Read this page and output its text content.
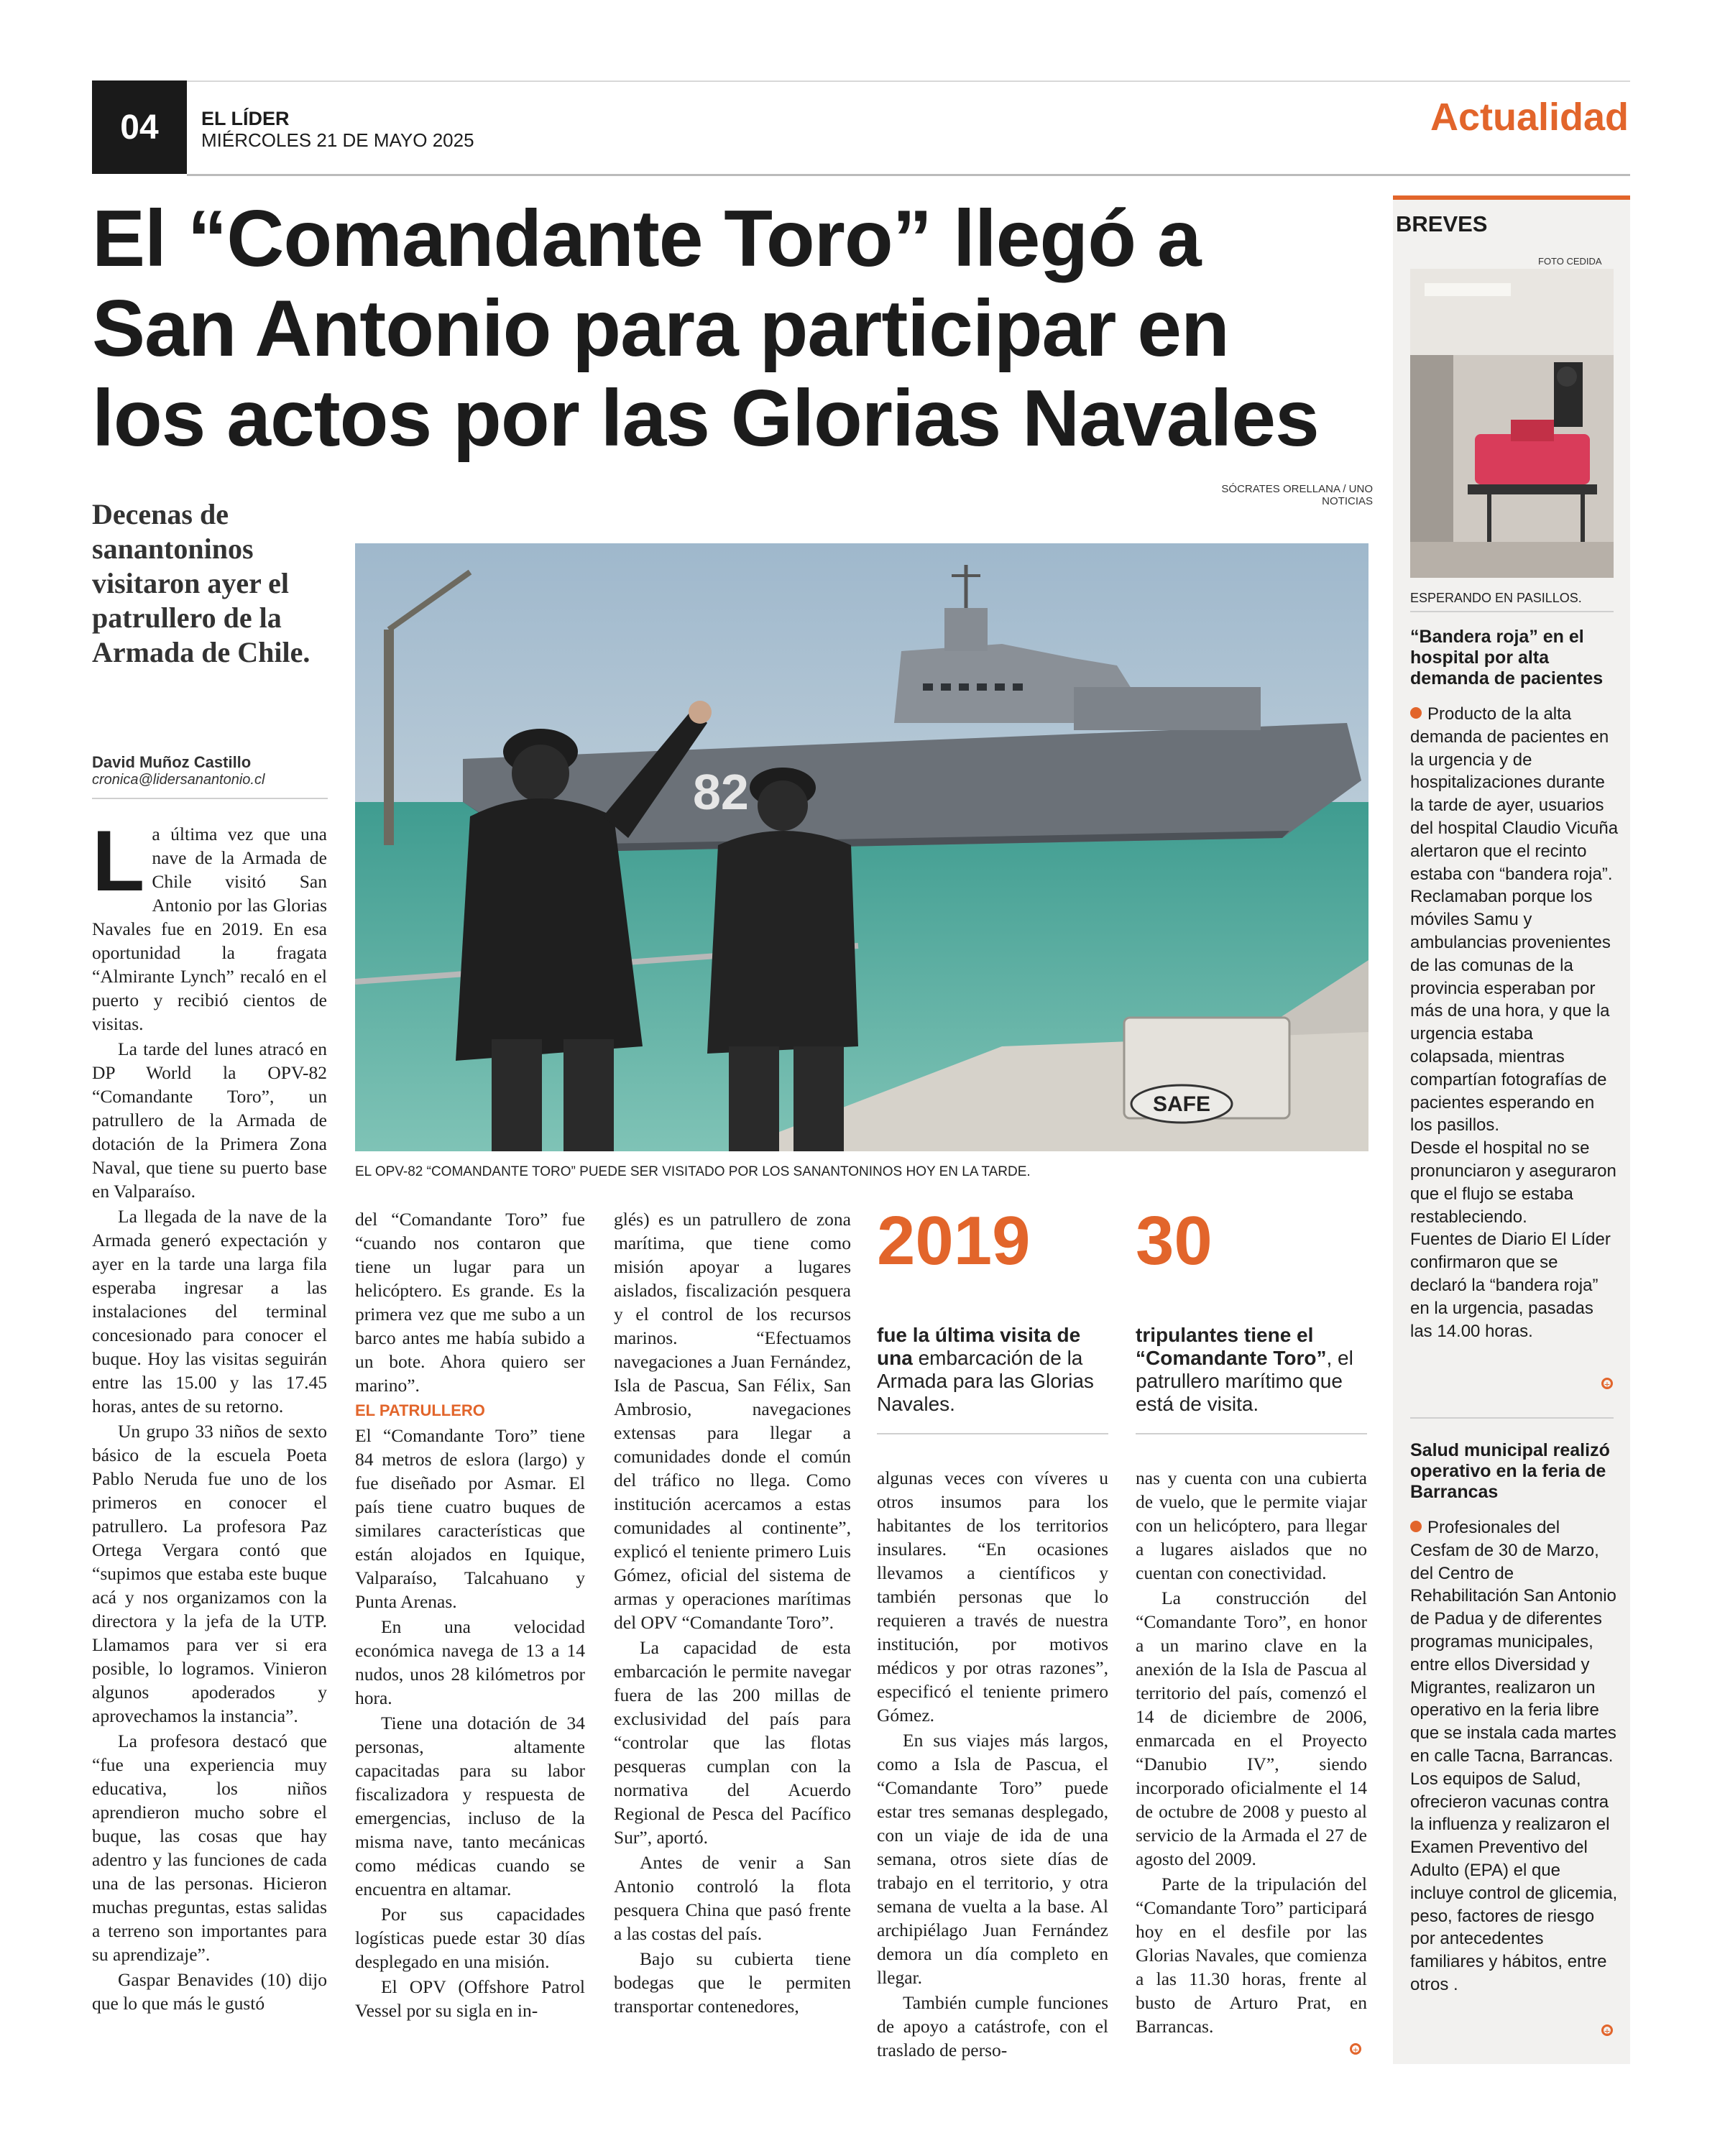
04	EL LÍDER
MIÉRCOLES 21 DE MAYO 2025
Actualidad
El “Comandante Toro” llegó a San Antonio para participar en los actos por las Glorias Navales
SÓCRATES ORELLANA / UNO NOTICIAS
Decenas de sanantoninos visitaron ayer el patrullero de la Armada de Chile.
David Muñoz Castillo
cronica@lidersanantonio.cl	82
SAFE
EL OPV-82 “COMANDANTE TORO” PUEDE SER VISITADO POR LOS SANANTONINOS HOY EN LA TARDE.

La última vez que una nave de la Armada de Chile visitó San Antonio por las Glorias Navales fue en 2019. En esa oportunidad la fragata “Almirante Lynch” recaló en el puerto y recibió cientos de visitas.

La tarde del lunes atracó en DP World la OPV-82 “Comandante Toro”, un patrullero de la Armada de dotación de la Primera Zona Naval, que tiene su puerto base en Valparaíso.

La llegada de la nave de la Armada generó expectación y ayer en la tarde una larga fila esperaba ingresar a las instalaciones del terminal concesionado para conocer el buque. Hoy las visitas seguirán entre las 15.00 y las 17.45 horas, antes de su retorno.

Un grupo 33 niños de sexto básico de la escuela Poeta Pablo Neruda fue uno de los primeros en conocer el patrullero. La profesora Paz Ortega Vergara contó que “supimos que estaba este buque acá y nos organizamos con la directora y la jefa de la UTP. Llamamos para ver si era posible, lo logramos. Vinieron algunos apoderados y aprovechamos la instancia”.

La profesora destacó que “fue una experiencia muy educativa, los niños aprendieron mucho sobre el buque, las cosas que hay adentro y las funciones de cada una de las personas. Hicieron muchas preguntas, estas salidas a terreno son importantes para su aprendizaje”.

Gaspar Benavides (10) dijo que lo que más le gustó

del “Comandante Toro” fue “cuando nos contaron que tiene un lugar para un helicóptero. Es grande. Es la primera vez que me subo a un barco antes me había subido a un bote. Ahora quiero ser marino”.

EL PATRULLERO

El “Comandante Toro” tiene 84 metros de eslora (largo) y fue diseñado por Asmar. El país tiene cuatro buques de similares características que están alojados en Iquique, Valparaíso, Talcahuano y Punta Arenas.

En una velocidad económica navega de 13 a 14 nudos, unos 28 kilómetros por hora.

Tiene una dotación de 34 personas, altamente capacitadas para su labor fiscalizadora y respuesta de emergencias, incluso de la misma nave, tanto mecánicas como médicas cuando se encuentra en altamar.

Por sus capacidades logísticas puede estar 30 días desplegado en una misión.

El OPV (Offshore Patrol Vessel por su sigla en in-

glés) es un patrullero de zona marítima, que tiene como misión apoyar a lugares aislados, fiscalización pesquera y el control de los recursos marinos. “Efectuamos navegaciones a Juan Fernández, Isla de Pascua, San Félix, San Ambrosio, navegaciones extensas para llegar a comunidades donde el común del tráfico no llega. Como institución acercamos a estas comunidades al continente”, explicó el teniente primero Luis Gómez, oficial del sistema de armas y operaciones marítimas del OPV “Comandante Toro”.

La capacidad de esta embarcación le permite navegar fuera de las 200 millas de exclusividad del país para “controlar que las flotas pesqueras cumplan con la normativa del Acuerdo Regional de Pesca del Pacífico Sur”, aportó.

Antes de venir a San Antonio controló la flota pesquera China que pasó frente a las costas del país.

Bajo su cubierta tiene bodegas que le permiten transportar contenedores,

2019
fue la última visita de una embarcación de la Armada para las Glorias Navales.
30
tripulantes tiene el “Comandante Toro”, el patrullero marítimo que está de visita.

algunas veces con víveres u otros insumos para los habitantes de los territorios insulares. “En ocasiones llevamos a científicos y también personas que lo requieren a través de nuestra institución, por motivos médicos y por otras razones”, especificó el teniente primero Gómez.

En sus viajes más largos, como a Isla de Pascua, el “Comandante Toro” puede estar tres semanas desplegado, con un viaje de ida de una semana, otros siete días de trabajo en el territorio, y otra semana de vuelta a la base. Al archipiélago Juan Fernández demora un día completo en llegar.

También cumple funciones de apoyo a catástrofe, con el traslado de perso-

nas y cuenta con una cubierta de vuelo, que le permite viajar con un helicóptero, para llegar a lugares aislados que no cuentan con conectividad.

La construcción del “Comandante Toro”, en honor a un marino clave en la anexión de la Isla de Pascua al territorio del país, comenzó el 14 de diciembre de 2006, enmarcada en el Proyecto “Danubio IV”, siendo incorporado oficialmente el 14 de octubre de 2008 y puesto al servicio de la Armada el 27 de agosto del 2009.

Parte de la tripulación del “Comandante Toro” participará hoy en el desfile por las Glorias Navales, que comienza a las 11.30 horas, frente al busto de Arturo Prat, en Barrancas.

BREVES
FOTO CEDIDA
ESPERANDO EN PASILLOS.
“Bandera roja” en el hospital por alta demanda de pacientes

Producto de la alta demanda de pacientes en la urgencia y de hospitalizaciones durante la tarde de ayer, usuarios del hospital Claudio Vicuña alertaron que el recinto estaba con “bandera roja”.

Reclamaban porque los móviles Samu y ambulancias provenientes de las comunas de la provincia esperaban por más de una hora, y que la urgencia estaba colapsada, mientras compartían fotografías de pacientes esperando en los pasillos.

Desde el hospital no se pronunciaron y aseguraron que el flujo se estaba restableciendo.

Fuentes de Diario El Líder confirmaron que se declaró la “bandera roja” en la urgencia, pasadas las 14.00 horas.

+
Salud municipal realizó operativo en la feria de Barrancas

Profesionales del Cesfam de 30 de Marzo, del Centro de Rehabilitación San Antonio de Padua y de diferentes programas municipales, entre ellos Diversidad y Migrantes, realizaron un operativo en la feria libre que se instala cada martes en calle Tacna, Barrancas.

Los equipos de Salud, ofrecieron vacunas contra la influenza y realizaron el Examen Preventivo del Adulto (EPA) el que incluye control de glicemia, peso, factores de riesgo por antecedentes familiares y hábitos, entre otros .

+
+
